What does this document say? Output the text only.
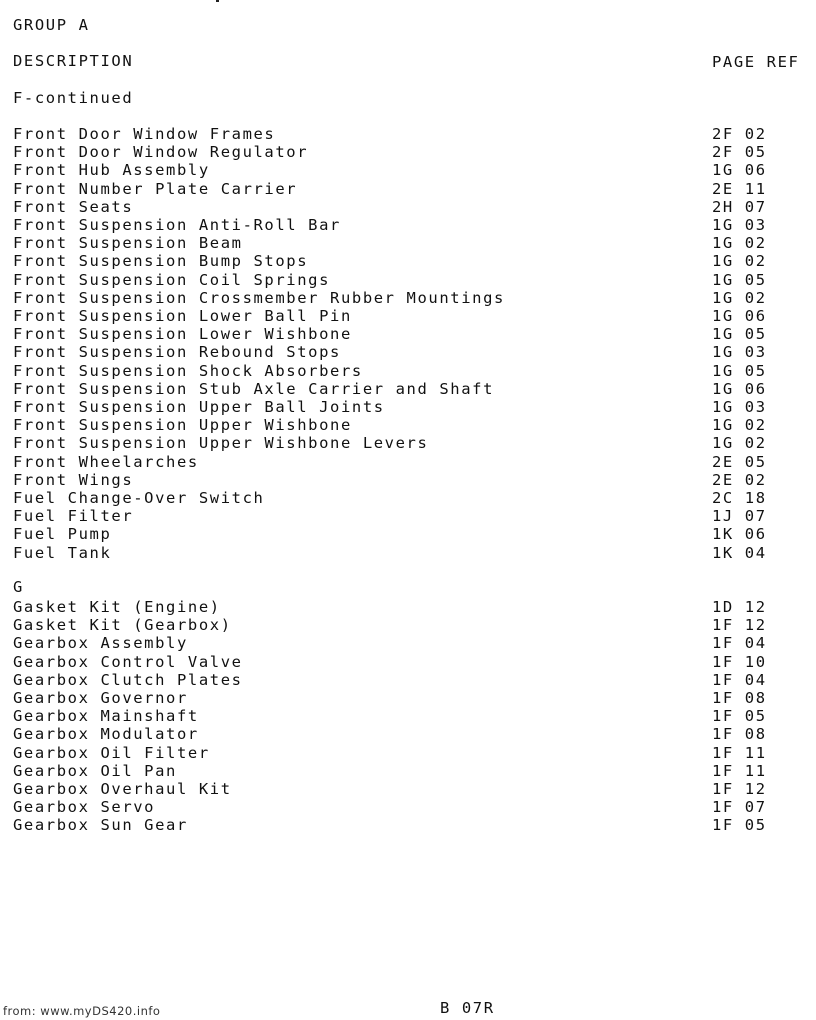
GROUP A
DESCRIPTION	PAGE REF
F-continued
Front Door Window Frames	2F 02
Front Door Window Regulator	2F 05
Front Hub Assembly	1G 06
Front Number Plate Carrier	2E 11
Front Seats	2H 07
Front Suspension Anti-Roll Bar	1G 03
Front Suspension Beam	1G 02
Front Suspension Bump Stops	1G 02
Front Suspension Coil Springs	1G 05
Front Suspension Crossmember Rubber Mountings	1G 02
Front Suspension Lower Ball Pin	1G 06
Front Suspension Lower Wishbone	1G 05
Front Suspension Rebound Stops	1G 03
Front Suspension Shock Absorbers	1G 05
Front Suspension Stub Axle Carrier and Shaft	1G 06
Front Suspension Upper Ball Joints	1G 03
Front Suspension Upper Wishbone	1G 02
Front Suspension Upper Wishbone Levers	1G 02
Front Wheelarches	2E 05
Front Wings	2E 02
Fuel Change-Over Switch	2C 18
Fuel Filter	1J 07
Fuel Pump	1K 06
Fuel Tank	1K 04
G
Gasket Kit (Engine)	1D 12
Gasket Kit (Gearbox)	1F 12
Gearbox Assembly	1F 04
Gearbox Control Valve	1F 10
Gearbox Clutch Plates	1F 04
Gearbox Governor	1F 08
Gearbox Mainshaft	1F 05
Gearbox Modulator	1F 08
Gearbox Oil Filter	1F 11
Gearbox Oil Pan	1F 11
Gearbox Overhaul Kit	1F 12
Gearbox Servo	1F 07
Gearbox Sun Gear	1F 05
from: www.myDS420.info	B 07R
